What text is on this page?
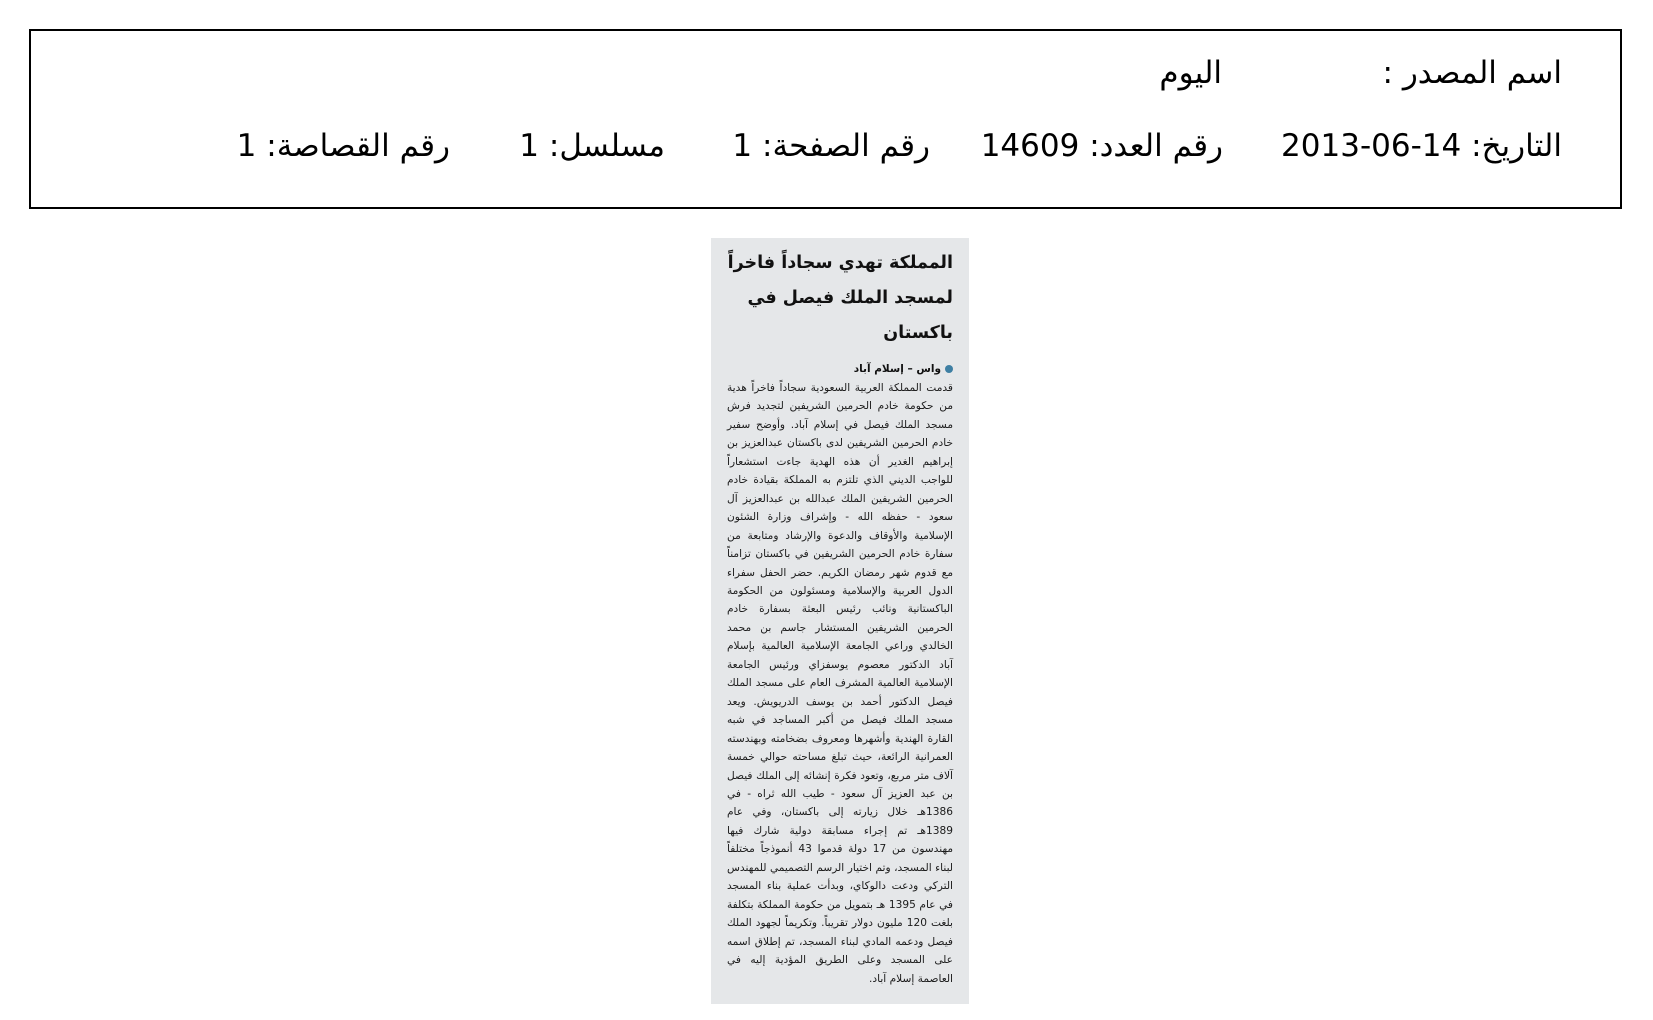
اسم المصدر :
اليوم
التاريخ: 2013-06-14
رقم العدد: 14609
رقم الصفحة: 1
مسلسل: 1
رقم القصاصة: 1
المملكة تهدي سجاداً فاخراً
لمسجد الملك فيصل في باكستان
واس – إسلام آباد
قدمت المملكة العربية السعودية سجاداً فاخراً هدية من حكومة خادم الحرمين الشريفين لتجديد فرش مسجد الملك فيصل في إسلام آباد. وأوضح سفير خادم الحرمين الشريفين لدى باكستان عبدالعزيز بن إبراهيم الغدير أن هذه الهدية جاءت استشعاراً للواجب الديني الذي تلتزم به المملكة بقيادة خادم الحرمين الشريفين الملك عبدالله بن عبدالعزيز آل سعود - حفظه الله - وإشراف وزارة الشئون الإسلامية والأوقاف والدعوة والإرشاد ومتابعة من سفارة خادم الحرمين الشريفين في باكستان تزامناً مع قدوم شهر رمضان الكريم. حضر الحفل سفراء الدول العربية والإسلامية ومسئولون من الحكومة الباكستانية ونائب رئيس البعثة بسفارة خادم الحرمين الشريفين المستشار جاسم بن محمد الخالدي وراعي الجامعة الإسلامية العالمية بإسلام آباد الدكتور معصوم يوسفزاي ورئيس الجامعة الإسلامية العالمية المشرف العام على مسجد الملك فيصل الدكتور أحمد بن يوسف الدريويش. ويعد مسجد الملك فيصل من أكبر المساجد في شبه القارة الهندية وأشهرها ومعروف بضخامته وبهندسته العمرانية الرائعة، حيث تبلغ مساحته حوالي خمسة آلاف متر مربع، وتعود فكرة إنشائه إلى الملك فيصل بن عبد العزيز آل سعود - طيب الله ثراه - في 1386هـ خلال زيارته إلى باكستان، وفي عام 1389هـ تم إجراء مسابقة دولية شارك فيها مهندسون من 17 دولة قدموا 43 أنموذجاً مختلفاً لبناء المسجد، وتم اختيار الرسم التصميمي للمهندس التركي ودعت دالوكاي، وبدأت عملية بناء المسجد في عام 1395 هـ بتمويل من حكومة المملكة بتكلفة بلغت 120 مليون دولار تقريباً. وتكريماً لجهود الملك فيصل ودعمه المادي لبناء المسجد، تم إطلاق اسمه على المسجد وعلى الطريق المؤدية إليه في العاصمة إسلام آباد.
